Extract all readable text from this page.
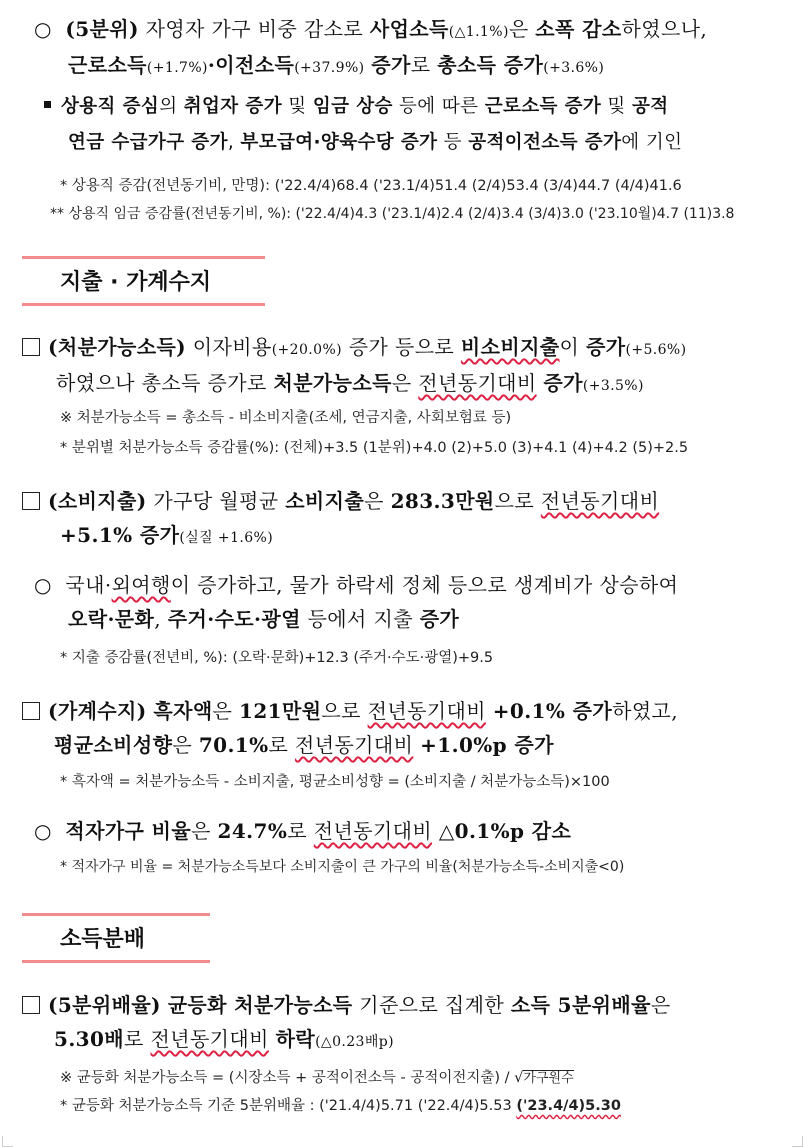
○ (5분위) 자영자 가구 비중 감소로 사업소득(△1.1%)은 소폭 감소하였으나,
근로소득(+1.7%)·이전소득(+37.9%) 증가로 총소득 증가(+3.6%)
상용직 증심의 취업자 증가 및 임금 상승 등에 따른 근로소득 증가 및 공적
연금 수급가구 증가, 부모급여·양육수당 증가 등 공적이전소득 증가에 기인
* 상용직 증감(전년동기비, 만명): ('22.4/4)68.4 ('23.1/4)51.4 (2/4)53.4 (3/4)44.7 (4/4)41.6
** 상용직 임금 증감률(전년동기비, %): ('22.4/4)4.3 ('23.1/4)2.4 (2/4)3.4 (3/4)3.0 ('23.10월)4.7 (11)3.8
지출 · 가계수지
(처분가능소득) 이자비용(+20.0%) 증가 등으로 비소비지출이 증가(+5.6%)
하였으나 총소득 증가로 처분가능소득은 전년동기대비 증가(+3.5%)
※ 처분가능소득 = 총소득 - 비소비지출(조세, 연금지출, 사회보험료 등)
* 분위별 처분가능소득 증감률(%): (전체)+3.5 (1분위)+4.0 (2)+5.0 (3)+4.1 (4)+4.2 (5)+2.5
(소비지출) 가구당 월평균 소비지출은 283.3만원으로 전년동기대비
+5.1% 증가(실질 +1.6%)
○ 국내·외여행이 증가하고, 물가 하락세 정체 등으로 생계비가 상승하여
오락·문화, 주거·수도·광열 등에서 지출 증가
* 지출 증감률(전년비, %): (오락·문화)+12.3 (주거·수도·광열)+9.5
(가계수지) 흑자액은 121만원으로 전년동기대비 +0.1% 증가하였고,
평균소비성향은 70.1%로 전년동기대비 +1.0%p 증가
* 흑자액 = 처분가능소득 - 소비지출, 평균소비성향 = (소비지출 / 처분가능소득)×100
○ 적자가구 비율은 24.7%로 전년동기대비 △0.1%p 감소
* 적자가구 비율 = 처분가능소득보다 소비지출이 큰 가구의 비율(처분가능소득-소비지출<0)
소득분배
(5분위배율) 균등화 처분가능소득 기준으로 집계한 소득 5분위배율은
5.30배로 전년동기대비 하락(△0.23배p)
※ 균등화 처분가능소득 = (시장소득 + 공적이전소득 - 공적이전지출) / √가구원수
* 균등화 처분가능소득 기준 5분위배율 : ('21.4/4)5.71 ('22.4/4)5.53 ('23.4/4)5.30
